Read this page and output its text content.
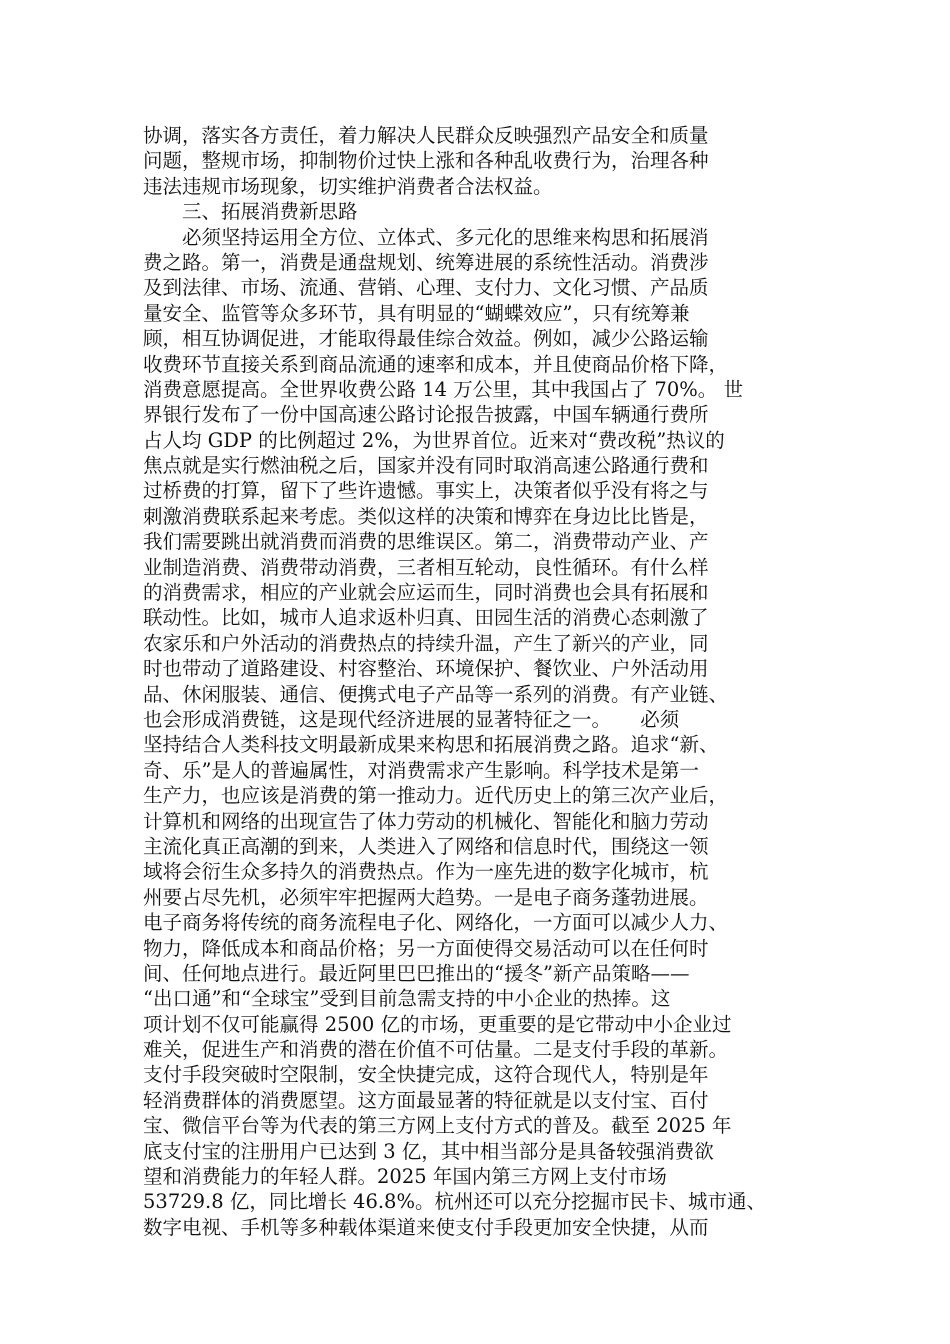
协调，落实各方责任，着力解决人民群众反映强烈产品安全和质量
问题，整规市场，抑制物价过快上涨和各种乱收费行为，治理各种
违法违规市场现象，切实维护消费者合法权益。
　　三、拓展消费新思路
　　必须坚持运用全方位、立体式、多元化的思维来构思和拓展消
费之路。第一，消费是通盘规划、统筹进展的系统性活动。消费涉
及到法律、市场、流通、营销、心理、支付力、文化习惯、产品质
量安全、监管等众多环节，具有明显的“蝴蝶效应”，只有统筹兼
顾，相互协调促进，才能取得最佳综合效益。例如，减少公路运输
收费环节直接关系到商品流通的速率和成本，并且使商品价格下降，
消费意愿提高。全世界收费公路 14 万公里，其中我国占了 70%。 世
界银行发布了一份中国高速公路讨论报告披露，中国车辆通行费所
占人均 GDP 的比例超过 2%，为世界首位。近来对“费改税”热议的
焦点就是实行燃油税之后，国家并没有同时取消高速公路通行费和
过桥费的打算，留下了些许遗憾。事实上，决策者似乎没有将之与
刺激消费联系起来考虑。类似这样的决策和博弈在身边比比皆是，
我们需要跳出就消费而消费的思维误区。第二，消费带动产业、产
业制造消费、消费带动消费，三者相互轮动，良性循环。有什么样
的消费需求，相应的产业就会应运而生，同时消费也会具有拓展和
联动性。比如，城市人追求返朴归真、田园生活的消费心态刺激了
农家乐和户外活动的消费热点的持续升温，产生了新兴的产业，同
时也带动了道路建设、村容整治、环境保护、餐饮业、户外活动用
品、休闲服装、通信、便携式电子产品等一系列的消费。有产业链、
也会形成消费链，这是现代经济进展的显著特征之一。　　必须
坚持结合人类科技文明最新成果来构思和拓展消费之路。追求“新、
奇、乐”是人的普遍属性，对消费需求产生影响。科学技术是第一
生产力，也应该是消费的第一推动力。近代历史上的第三次产业后，
计算机和网络的出现宣告了体力劳动的机械化、智能化和脑力劳动
主流化真正高潮的到来，人类进入了网络和信息时代，围绕这一领
域将会衍生众多持久的消费热点。作为一座先进的数字化城市，杭
州要占尽先机，必须牢牢把握两大趋势。一是电子商务蓬勃进展。
电子商务将传统的商务流程电子化、网络化，一方面可以减少人力、
物力，降低成本和商品价格；另一方面使得交易活动可以在任何时
间、任何地点进行。最近阿里巴巴推出的“援冬”新产品策略——
“出口通”和“全球宝”受到目前急需支持的中小企业的热捧。这
项计划不仅可能赢得 2500 亿的市场，更重要的是它带动中小企业过
难关，促进生产和消费的潜在价值不可估量。二是支付手段的革新。
支付手段突破时空限制，安全快捷完成，这符合现代人，特别是年
轻消费群体的消费愿望。这方面最显著的特征就是以支付宝、百付
宝、微信平台等为代表的第三方网上支付方式的普及。截至 2025 年
底支付宝的注册用户已达到 3 亿，其中相当部分是具备较强消费欲
望和消费能力的年轻人群。2025 年国内第三方网上支付市场
53729.8 亿，同比增长 46.8%。杭州还可以充分挖掘市民卡、城市通、
数字电视、手机等多种载体渠道来使支付手段更加安全快捷，从而
